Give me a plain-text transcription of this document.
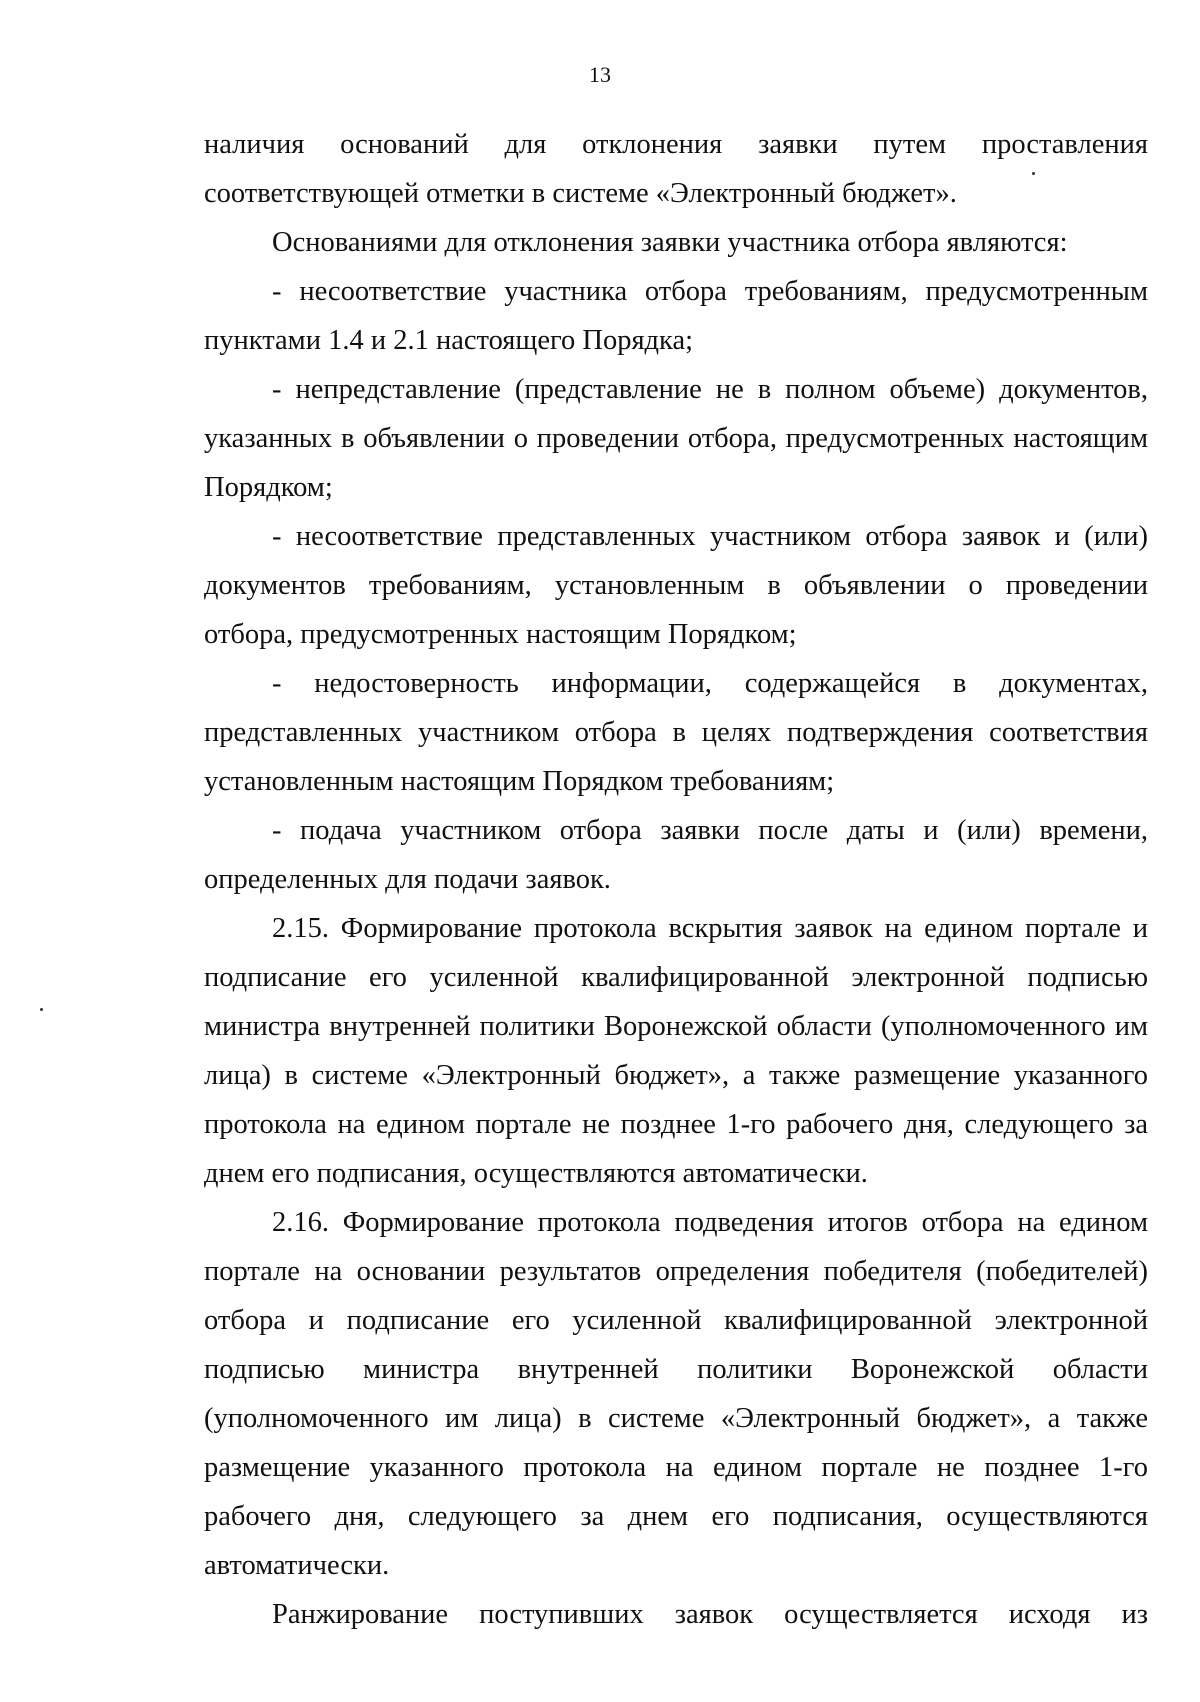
13

наличия оснований для отклонения заявки путем проставления соответствующей отметки в системе «Электронный бюджет».

Основаниями для отклонения заявки участника отбора являются:

- несоответствие участника отбора требованиям, предусмотренным пунктами 1.4 и 2.1 настоящего Порядка;

- непредставление (представление не в полном объеме) документов, указанных в объявлении о проведении отбора, предусмотренных настоящим Порядком;

- несоответствие представленных участником отбора заявок и (или) документов требованиям, установленным в объявлении о проведении отбора, предусмотренных настоящим Порядком;

- недостоверность информации, содержащейся в документах, представленных участником отбора в целях подтверждения соответствия установленным настоящим Порядком требованиям;

- подача участником отбора заявки после даты и (или) времени, определенных для подачи заявок.

2.15. Формирование протокола вскрытия заявок на едином портале и подписание его усиленной квалифицированной электронной подписью министра внутренней политики Воронежской области (уполномоченного им лица) в системе «Электронный бюджет», а также размещение указанного протокола на едином портале не позднее 1-го рабочего дня, следующего за днем его подписания, осуществляются автоматически.

2.16. Формирование протокола подведения итогов отбора на едином портале на основании результатов определения победителя (победителей) отбора и подписание его усиленной квалифицированной электронной подписью министра внутренней политики Воронежской области (уполномоченного им лица) в системе «Электронный бюджет», а также размещение указанного протокола на едином портале не позднее 1-го рабочего дня, следующего за днем его подписания, осуществляются автоматически.

Ранжирование поступивших заявок осуществляется исходя из
